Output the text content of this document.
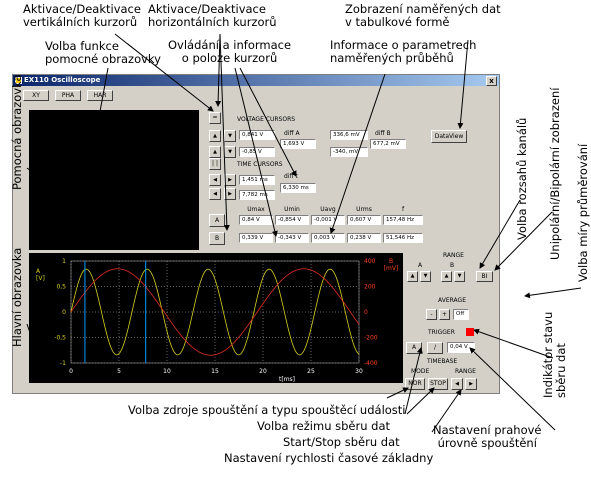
EX110 Oscilloscope	x
XY	PHA	HAR
=	VOLTAGE CURSORS
▲	▼	0,841 V
▲	▼	-0,85 V
diff A
1,693 V
336,6 mV
-340, mV
diff B
677,2 mV
| |	TIME CURSORS
◀	▶	1,451 ms
◀	▶	7,782 ms
diff t
6,330 ms
DataView
Umax	Umin	Uavg	Urms	f
A	0,84 V	-0,854 V	-0,001 V	0,607 V	157,48 Hz
B	0,339 V	-0,343 V	0,003 V	0,238 V	51,546 Hz
1
0,5
0
-0,5
-1
A
[V]
400
200
0
-200
-400
B
[mV]
0	5	10	15	20	25	30
t[ms]
RANGE
A	B
▲	▼	▲	▼	BI
AVERAGE
-	+	Off
TRIGGER
A	/	0,04 V
TIMEBASE
MODE	RANGE
NOR	STOP	◀	▶
Aktivace/Deaktivace
vertikálních kurzorů
Aktivace/Deaktivace
horizontálních kurzorů
Zobrazení naměřených dat
v tabulkové formě
Volba funkce
pomocné obrazovky
Ovládání a informace
o poloze kurzorů
Informace o parametrech
naměřených průběhů
Pomocná obrazovka
Hlavní obrazovka
Volba rozsahů kanálů Unipolární/Bipolární zobrazení Volba míry průměrování
Indikátor stavu
sběru dat
Volba zdroje spouštění a typu spouštěcí události
Volba režimu sběru dat
Start/Stop sběru dat
Nastavení rychlosti časové základny
Nastavení prahové
úrovně spouštění
